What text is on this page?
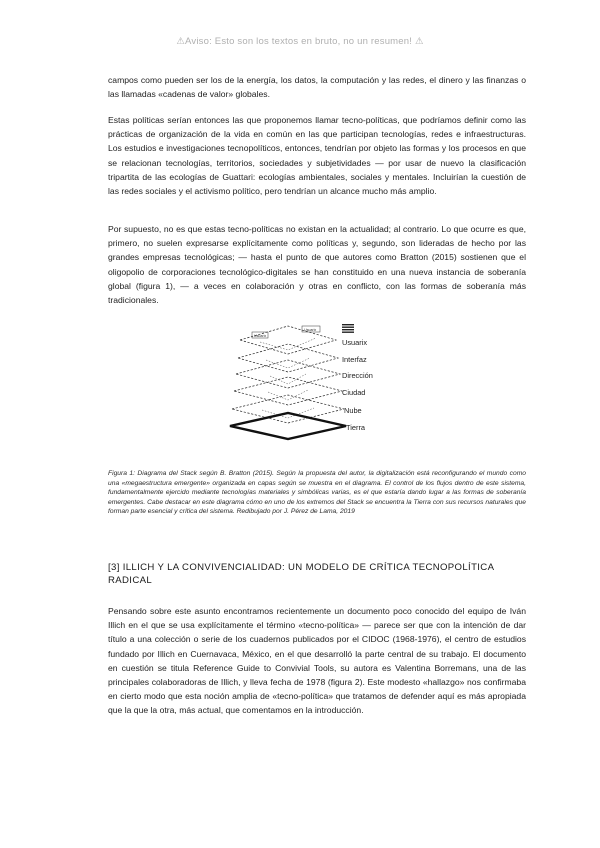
⚠Aviso: Esto son los textos en bruto, no un resumen! ⚠

campos como pueden ser los de la energía, los datos, la computación y las redes, el dinero y las finanzas o las llamadas «cadenas de valor» globales.

Estas políticas serían entonces las que proponemos llamar tecno-políticas, que podríamos definir como las prácticas de organización de la vida en común en las que participan tecnologías, redes e infraestructuras. Los estudios e investigaciones tecnopolíticos, entonces, tendrían por objeto las formas y los procesos en que se relacionan tecnologías, territorios, sociedades y subjetividades — por usar de nuevo la clasificación tripartita de las ecologías de Guattari: ecologías ambientales, sociales y mentales. Incluirían la cuestión de las redes sociales y el activismo político, pero tendrían un alcance mucho más amplio.

Por supuesto, no es que estas tecno-políticas no existan en la actualidad; al contrario. Lo que ocurre es que, primero, no suelen expresarse explícitamente como políticas y, segundo, son lideradas de hecho por las grandes empresas tecnológicas; — hasta el punto de que autores como Bratton (2015) sostienen que el oligopolio de corporaciones tecnológico-digitales se han constituido en una nueva instancia de soberanía global (figura 1), — a veces en colaboración y otras en conflicto, con las formas de soberanía más tradicionales.

Usuarix
Usuarix
Usuarix
Interfaz
Dirección
Ciudad
Nube
Tierra
Figura 1: Diagrama del Stack según B. Bratton (2015). Según la propuesta del autor, la digitalización está reconfigurando el mundo como una «megaestructura emergente» organizada en capas según se muestra en el diagrama. El control de los flujos dentro de este sistema, fundamentalmente ejercido mediante tecnologías materiales y simbólicas varias, es el que estaría dando lugar a las formas de soberanía emergentes. Cabe destacar en este diagrama cómo en uno de los extremos del Stack se encuentra la Tierra con sus recursos naturales que forman parte esencial y crítica del sistema. Redibujado por J. Pérez de Lama, 2019
[3] ILLICH Y LA CONVIVENCIALIDAD: UN MODELO DE CRÍTICA TECNOPOLÍTICA RADICAL

Pensando sobre este asunto encontramos recientemente un documento poco conocido del equipo de Iván Illich en el que se usa explícitamente el término «tecno-política» — parece ser que con la intención de dar título a una colección o serie de los cuadernos publicados por el CIDOC (1968-1976), el centro de estudios fundado por Illich en Cuernavaca, México, en el que desarrolló la parte central de su trabajo. El documento en cuestión se titula Reference Guide to Convivial Tools, su autora es Valentina Borremans, una de las principales colaboradoras de Illich, y lleva fecha de 1978 (figura 2). Este modesto «hallazgo» nos confirmaba en cierto modo que esta noción amplia de «tecno-política» que tratamos de defender aquí es más apropiada que la que la otra, más actual, que comentamos en la introducción.
